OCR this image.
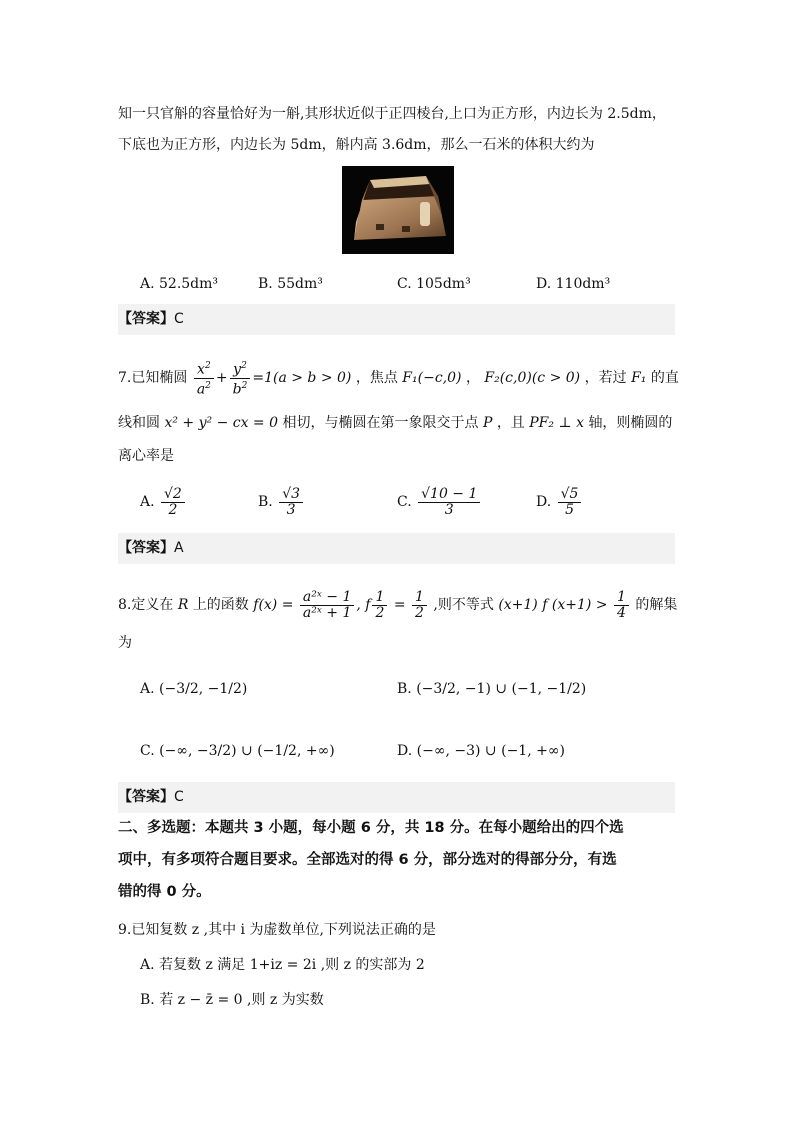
知一只官斛的容量恰好为一斛,其形状近似于正四棱台,上口为正方形，内边长为 2.5dm，
下底也为正方形，内边长为 5dm，斛内高 3.6dm，那么一石米的体积大约为
A. 52.5dm³	B. 55dm³	C. 105dm³	D. 110dm³
【答案】C
7.已知椭圆 $\frac{x^2}{a^2} + \frac{y^2}{b^2} =1(a > b > 0)$ ，焦点 F₁(−c,0) ， F₂(c,0)(c > 0) ，若过 F₁ 的直
线和圆 x² + y² − cx = 0 相切，与椭圆在第一象限交于点 P ，且 PF₂ ⊥ x 轴，则椭圆的
离心率是
A. $\frac{√2}{2}$	B. $\frac{√3}{3}$	C. $\frac{√10 - 1}{3}$	D. $\frac{√5}{5}$
【答案】A
8.定义在 R 上的函数 $f(x) = \frac{\text{a²ˣ − 1}}{\text{a²ˣ + 1}}$ , f $\frac{1}{2} = \frac{1}{2}$ ,则不等式 (x+1) f $(x+1) > \frac{1}{4}$ 的解集
为
A. (−3/2, −1/2)	B. (−3/2, −1) ∪ (−1, −1/2)
C. (−∞, −3/2) ∪ (−1/2, +∞)	D. (−∞, −3) ∪ (−1, +∞)
【答案】C
二、多选题：本题共 3 小题，每小题 6 分，共 18 分。在每小题给出的四个选
项中，有多项符合题目要求。全部选对的得 6 分，部分选对的得部分分，有选
错的得 0 分。
9.已知复数 z ,其中 i 为虚数单位,下列说法正确的是
A. 若复数 z 满足 1+iz = 2i ,则 z 的实部为 2
B. 若 z − z̄ = 0 ,则 z 为实数
